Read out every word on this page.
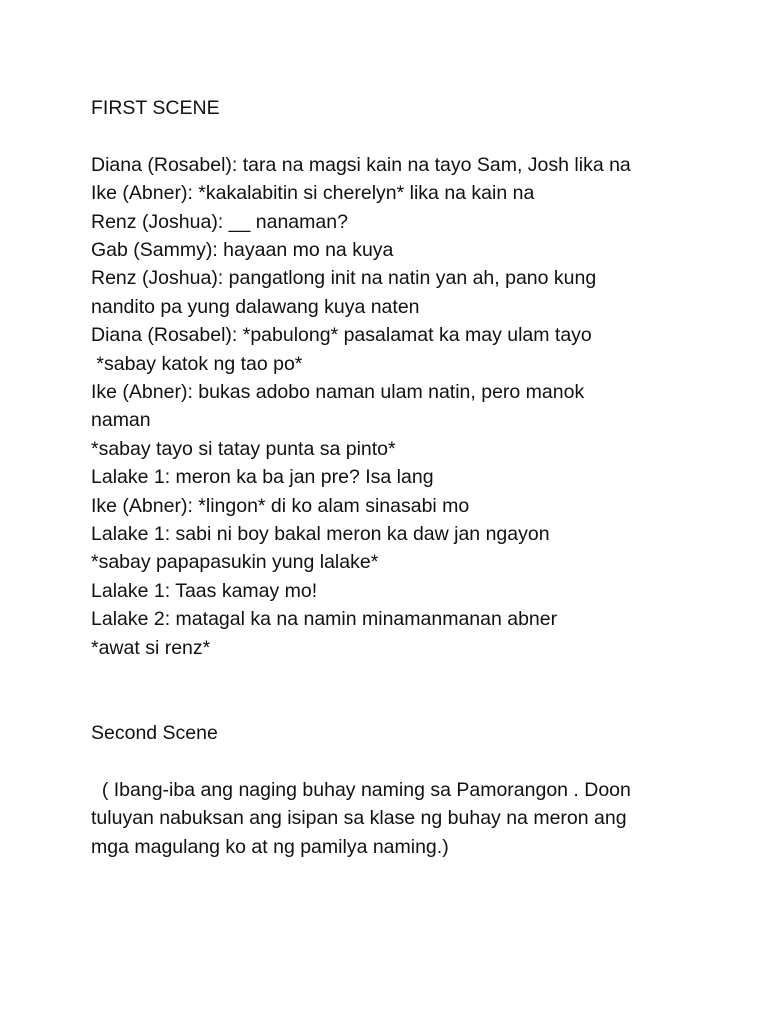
FIRST SCENE
Diana (Rosabel): tara na magsi kain na tayo Sam, Josh lika na
Ike (Abner): *kakalabitin si cherelyn* lika na kain na
Renz (Joshua): __ nanaman?
Gab (Sammy): hayaan mo na kuya
Renz (Joshua): pangatlong init na natin yan ah, pano kung
nandito pa yung dalawang kuya naten
Diana (Rosabel): *pabulong* pasalamat ka may ulam tayo
*sabay katok ng tao po*
Ike (Abner): bukas adobo naman ulam natin, pero manok
naman
*sabay tayo si tatay punta sa pinto*
Lalake 1: meron ka ba jan pre? Isa lang
Ike (Abner): *lingon* di ko alam sinasabi mo
Lalake 1: sabi ni boy bakal meron ka daw jan ngayon
*sabay papapasukin yung lalake*
Lalake 1: Taas kamay mo!
Lalake 2: matagal ka na namin minamanmanan abner
*awat si renz*
Second Scene
( Ibang-iba ang naging buhay naming sa Pamorangon . Doon
tuluyan nabuksan ang isipan sa klase ng buhay na meron ang
mga magulang ko at ng pamilya naming.)
